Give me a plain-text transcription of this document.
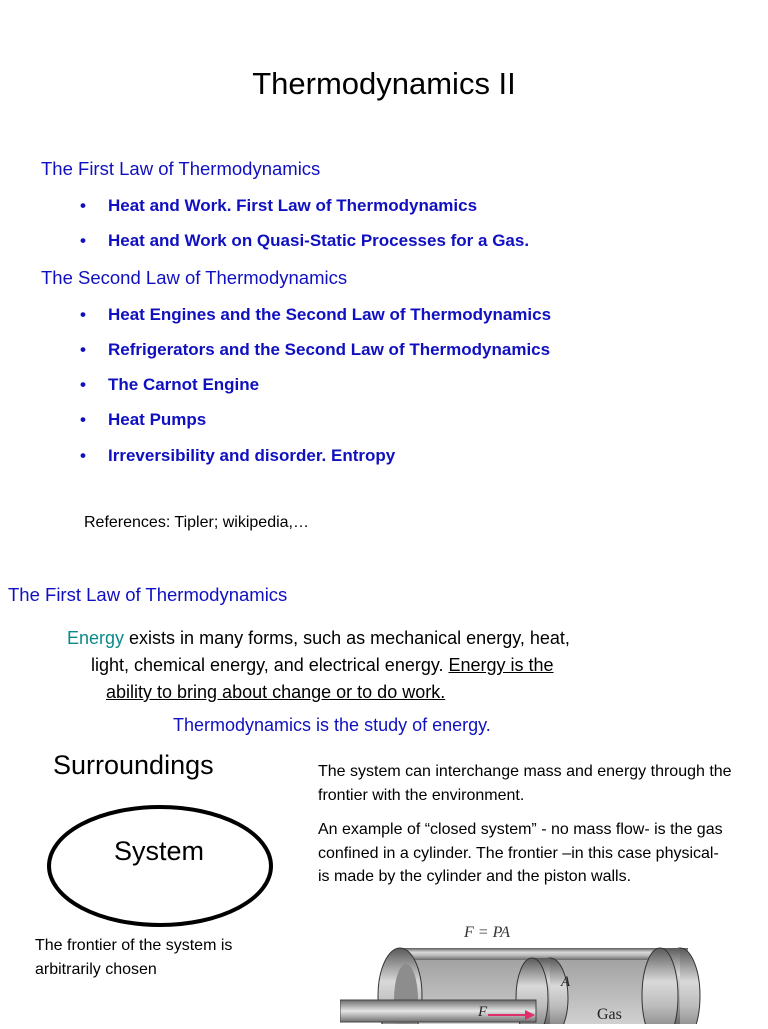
Thermodynamics II
The First Law of Thermodynamics
• Heat and Work. First Law of Thermodynamics
• Heat and Work on Quasi-Static Processes for a Gas.
The Second Law of Thermodynamics
• Heat Engines and the Second Law of Thermodynamics
• Refrigerators and the Second Law of Thermodynamics
• The Carnot Engine
• Heat Pumps
• Irreversibility and disorder. Entropy
References: Tipler; wikipedia,…
The First Law of Thermodynamics
Energy exists in many forms, such as mechanical energy, heat,
light, chemical energy, and electrical energy. Energy is the
ability to bring about change or to do work.
Thermodynamics is the study of energy.
Surroundings
System
The frontier of the system is arbitrarily chosen
The system can interchange mass and energy through the frontier with the environment.
An example of “closed system” - no mass flow- is the gas confined in a cylinder. The frontier –in this case physical- is made by the cylinder and the piston walls.
F = PA
A
F	Gas
